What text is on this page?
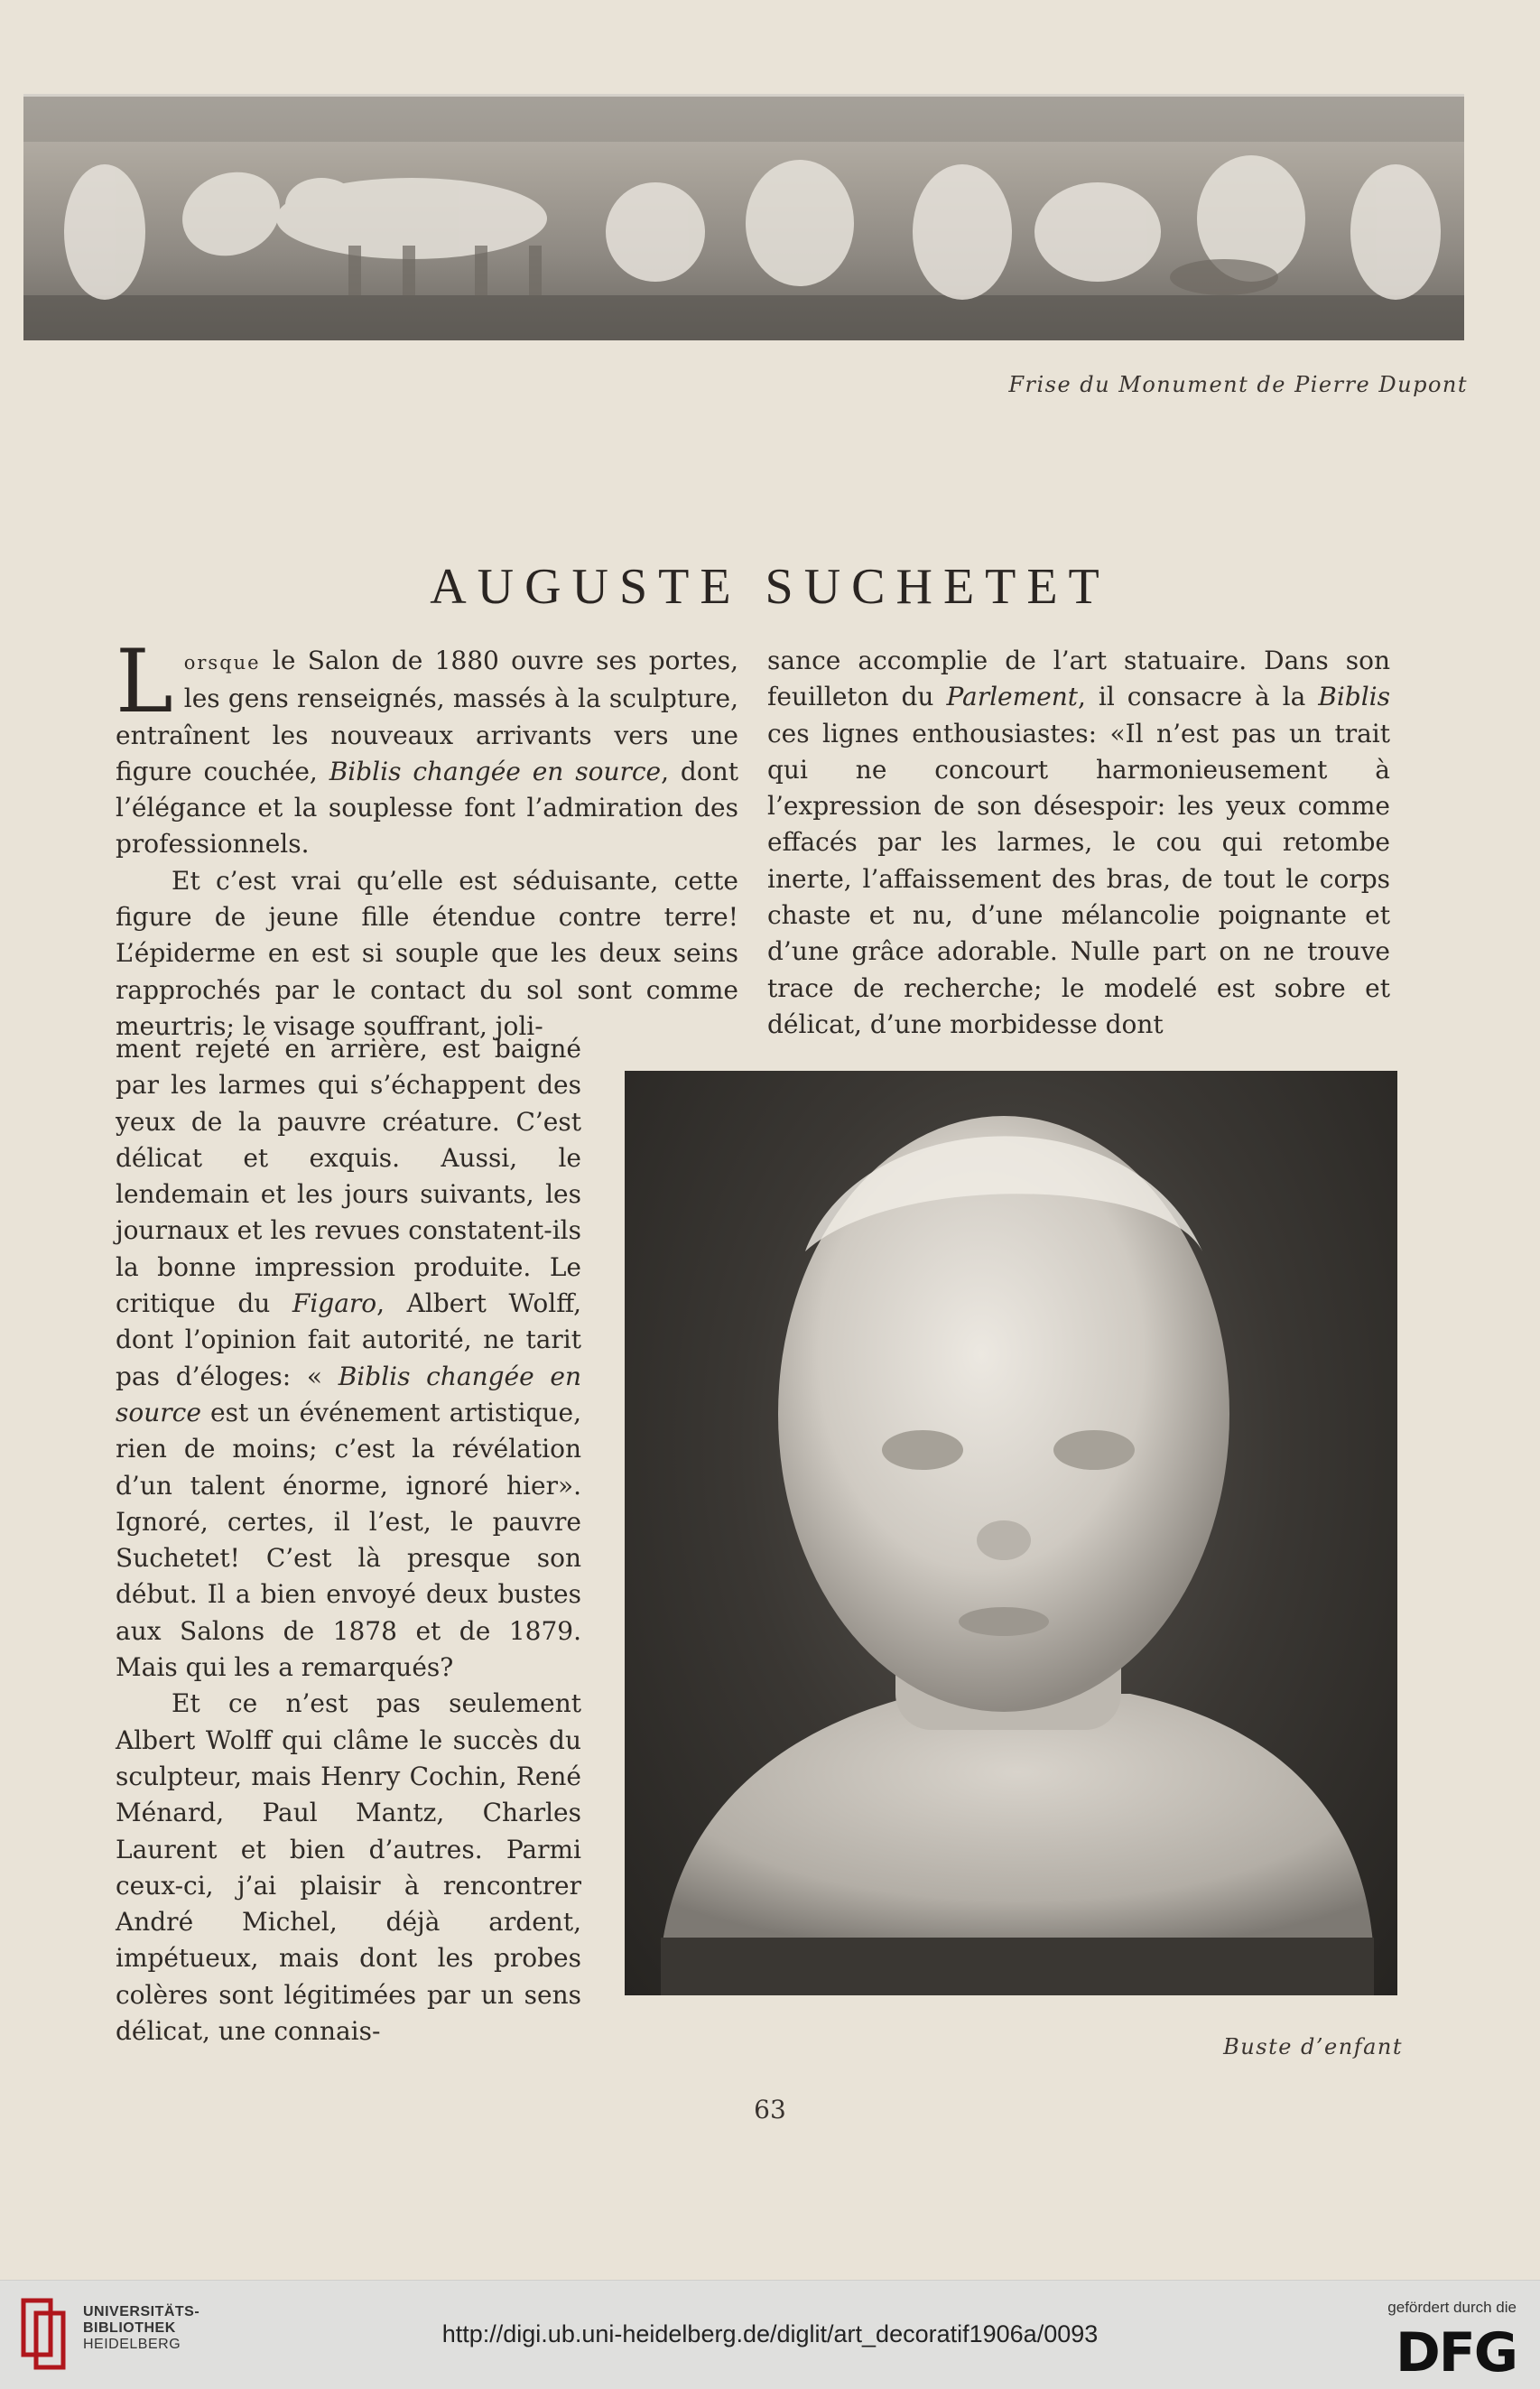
Frise du Monument de Pierre Dupont
AUGUSTE SUCHETET

Lorsque le Salon de 1880 ouvre ses portes, les gens renseignés, massés à la sculpture, entraînent les nouveaux arrivants vers une figure couchée, Biblis changée en source, dont l’élégance et la souplesse font l’admiration des professionnels.

Et c’est vrai qu’elle est séduisante, cette figure de jeune fille étendue contre terre! L’épiderme en est si souple que les deux seins rapprochés par le contact du sol sont comme meurtris; le visage souffrant, joli-

ment rejeté en arrière, est baigné par les larmes qui s’échappent des yeux de la pauvre créature. C’est délicat et exquis. Aussi, le lendemain et les jours suivants, les journaux et les revues constatent-ils la bonne impression produite. Le critique du Figaro, Albert Wolff, dont l’opinion fait autorité, ne tarit pas d’éloges: « Biblis changée en source est un événement artistique, rien de moins; c’est la révélation d’un talent énorme, ignoré hier». Ignoré, certes, il l’est, le pauvre Suchetet! C’est là presque son début. Il a bien envoyé deux bustes aux Salons de 1878 et de 1879. Mais qui les a remarqués?

Et ce n’est pas seulement Albert Wolff qui clâme le succès du sculpteur, mais Henry Cochin, René Ménard, Paul Mantz, Charles Laurent et bien d’autres. Parmi ceux-ci, j’ai plaisir à rencontrer André Michel, déjà ardent, impétueux, mais dont les probes colères sont légitimées par un sens délicat, une connais-

sance accomplie de l’art statuaire. Dans son feuilleton du Parlement, il consacre à la Biblis ces lignes enthousiastes: «Il n’est pas un trait qui ne concourt harmonieusement à l’expression de son désespoir: les yeux comme effacés par les larmes, le cou qui retombe inerte, l’affaissement des bras, de tout le corps chaste et nu, d’une mélancolie poignante et d’une grâce adorable. Nulle part on ne trouve trace de recherche; le modelé est sobre et délicat, d’une morbidesse dont

Buste d’enfant
63
UNIVERSITÄTS-
BIBLIOTHEK
HEIDELBERG	http://digi.ub.uni-heidelberg.de/diglit/art_decoratif1906a/0093
gefördert durch die
DFG
